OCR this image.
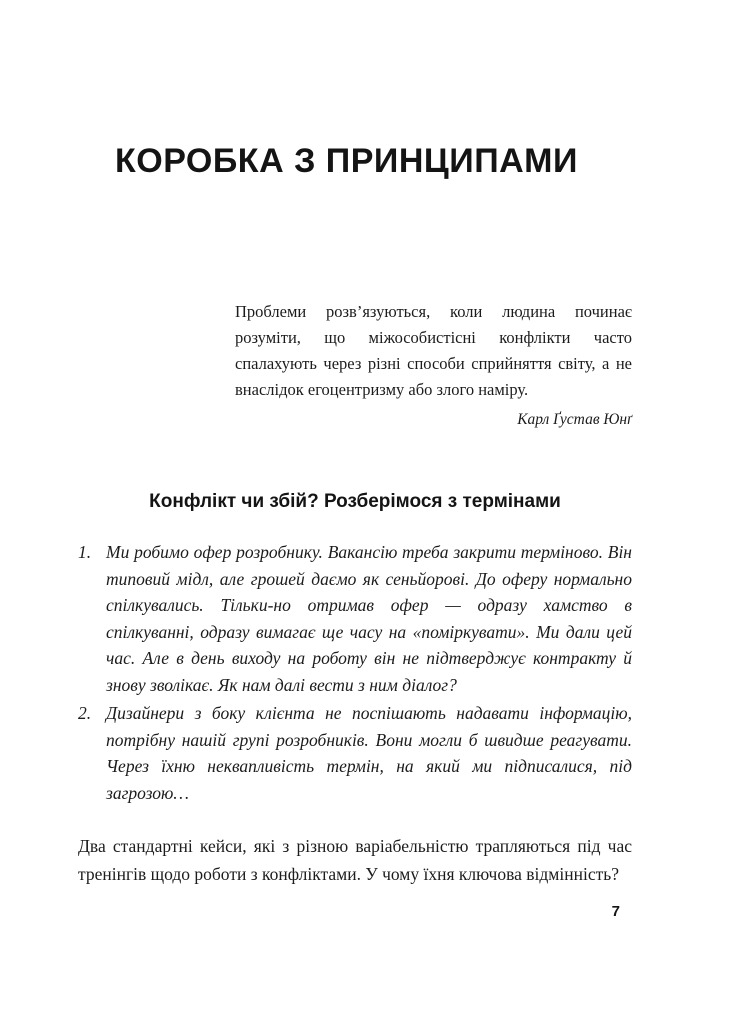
КОРОБКА З ПРИНЦИПАМИ
Проблеми розв’язуються, коли людина починає розуміти, що міжособистісні конфлікти часто спалахують через різні способи сприйняття світу, а не внаслідок егоцентризму або злого наміру.
Карл Ґустав Юнґ
Конфлікт чи збій? Розберімося з термінами
1. Ми робимо офер розробнику. Вакансію треба закрити терміново. Він типовий мідл, але грошей даємо як сеньйорові. До оферу нормально спілкувались. Тільки-но отримав офер — одразу хамство в спілкуванні, одразу вимагає ще часу на «поміркувати». Ми дали цей час. Але в день виходу на роботу він не підтверджує контракту й знову зволікає. Як нам далі вести з ним діалог?
2. Дизайнери з боку клієнта не поспішають надавати інформацію, потрібну нашій групі розробників. Вони могли б швидше реагувати. Через їхню неквапливість термін, на який ми підписалися, під загрозою…
Два стандартні кейси, які з різною варіабельністю трапляються під час тренінгів щодо роботи з конфліктами. У чому їхня ключова відмінність?
7
